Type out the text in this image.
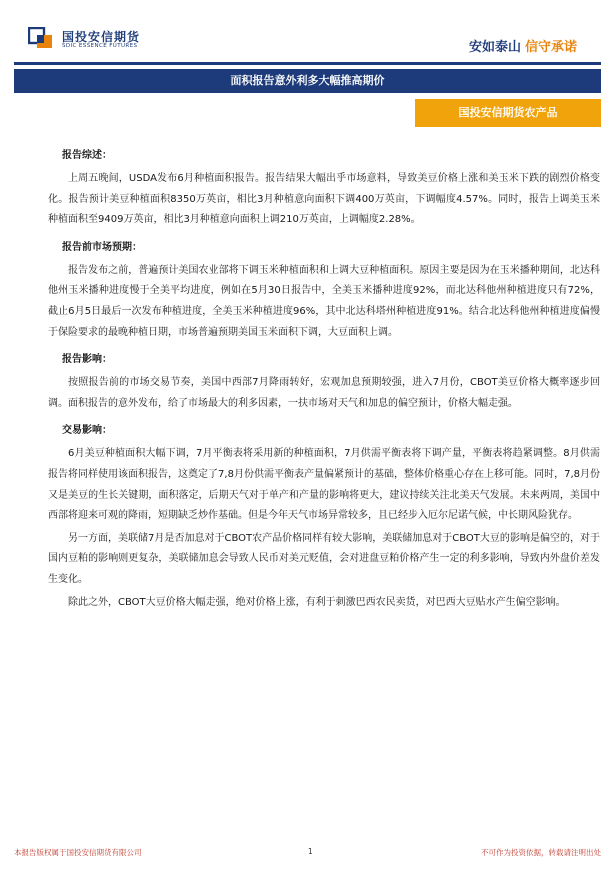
国投安信期货
SDIC ESSENCE FUTURES	安如泰山 信守承诺
面积报告意外利多大幅推高期价
国投安信期货农产品
报告综述：

上周五晚间，USDA发布6月种植面积报告。报告结果大幅出乎市场意料，导致美豆价格上涨和美玉米下跌的剧烈价格变化。报告预计美豆种植面积8350万英亩，相比3月种植意向面积下调400万英亩，下调幅度4.57%。同时，报告上调美玉米种植面积至9409万英亩，相比3月种植意向面积上调210万英亩，上调幅度2.28%。

报告前市场预期：

报告发布之前，普遍预计美国农业部将下调玉米种植面积和上调大豆种植面积。原因主要是因为在玉米播种期间，北达科他州玉米播种进度慢于全美平均进度，例如在5月30日报告中，全美玉米播种进度92%，而北达科他州种植进度只有72%，截止6月5日最后一次发布种植进度，全美玉米种植进度96%，其中北达科塔州种植进度91%。结合北达科他州种植进度偏慢于保险要求的最晚种植日期，市场普遍预期美国玉米面积下调，大豆面积上调。

报告影响：

按照报告前的市场交易节奏，美国中西部7月降雨转好，宏观加息预期较强，进入7月份，CBOT美豆价格大概率逐步回调。面积报告的意外发布，给了市场最大的利多因素，一扶市场对天气和加息的偏空预计，价格大幅走强。

交易影响：

6月美豆种植面积大幅下调，7月平衡表将采用新的种植面积，7月供需平衡表将下调产量，平衡表将趋紧调整。8月供需报告将同样使用该面积报告，这奠定了7,8月份供需平衡表产量偏紧预计的基础，整体价格重心存在上移可能。同时，7,8月份又是美豆的生长关键期，面积落定，后期天气对于单产和产量的影响将更大，建议持续关注北美天气发展。未来两周，美国中西部将迎来可观的降雨，短期缺乏炒作基础。但是今年天气市场异常较多，且已经步入厄尔尼诺气候，中长期风险犹存。

另一方面，美联储7月是否加息对于CBOT农产品价格同样有较大影响，美联储加息对于CBOT大豆的影响是偏空的，对于国内豆粕的影响则更复杂，美联储加息会导致人民币对美元贬值，会对进盘豆粕价格产生一定的利多影响，导致内外盘价差发生变化。

除此之外，CBOT大豆价格大幅走强，绝对价格上涨，有利于刺激巴西农民卖货，对巴西大豆贴水产生偏空影响。

本报告版权属于国投安信期货有限公司	1	不可作为投资依据，转载请注明出处
